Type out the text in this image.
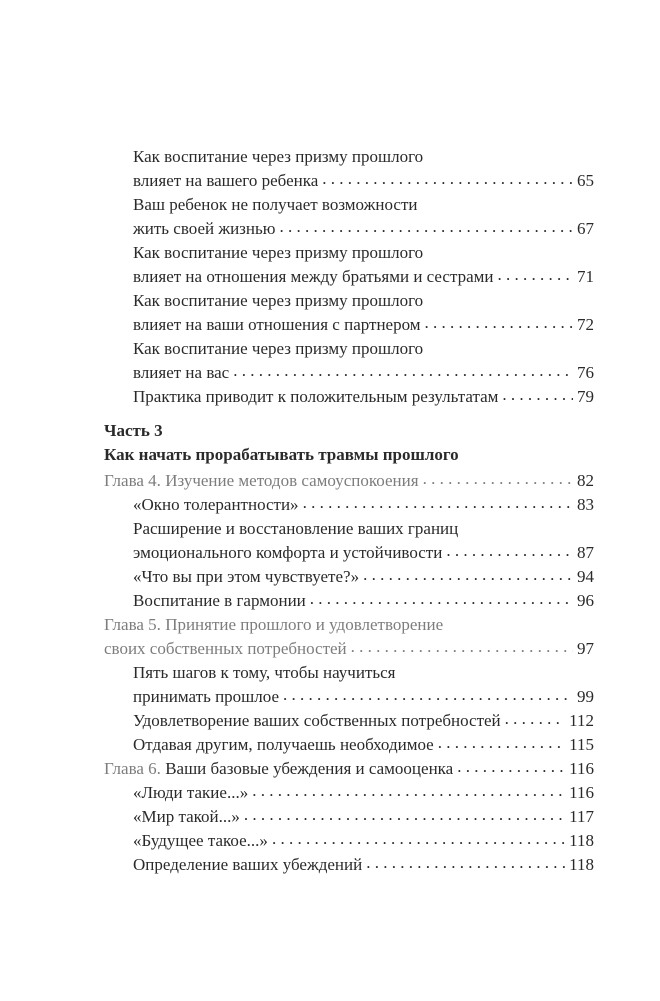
Как воспитание через призму прошлого
влияет на вашего ребенка . . .	65
Ваш ребенок не получает возможности
жить своей жизнью . . .	67
Как воспитание через призму прошлого
влияет на отношения между братьями и сестрами . . .	71
Как воспитание через призму прошлого
влияет на ваши отношения с партнером . . .	72
Как воспитание через призму прошлого
влияет на вас . . .	76
Практика приводит к положительным результатам . . .	79
Часть 3
Как начать прорабатывать травмы прошлого
Глава 4. Изучение методов самоуспокоения . . .	82
«Окно толерантности» . . .	83
Расширение и восстановление ваших границ
эмоционального комфорта и устойчивости . . .	87
«Что вы при этом чувствуете?» . . .	94
Воспитание в гармонии . . .	96
Глава 5. Принятие прошлого и удовлетворение
своих собственных потребностей . . .	97
Пять шагов к тому, чтобы научиться
принимать прошлое . . .	99
Удовлетворение ваших собственных потребностей . . .	112
Отдавая другим, получаешь необходимое . . .	115
Глава 6. Ваши базовые убеждения и самооценка . . .	116
«Люди такие...» . . .	116
«Мир такой...» . . .	117
«Будущее такое...» . . .	118
Определение ваших убеждений . . .	118
